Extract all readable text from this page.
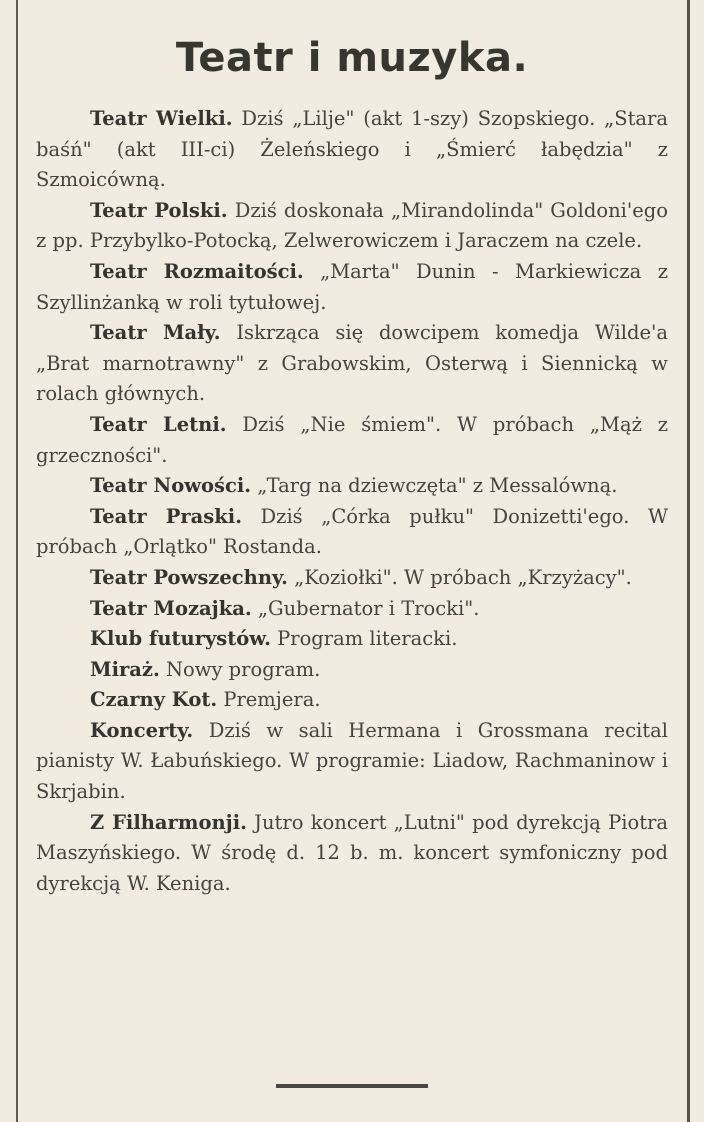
Teatr i muzyka.

Teatr Wielki. Dziś „Lilje" (akt 1-szy) Szopskiego. „Stara baśń" (akt III-ci) Żeleńskiego i „Śmierć łabędzia" z Szmoicówną.

Teatr Polski. Dziś doskonała „Mirandolinda" Goldoni'ego z pp. Przybylko-Potocką, Zelwerowiczem i Jaraczem na czele.

Teatr Rozmaitości. „Marta" Dunin - Markiewicza z Szyllinżanką w roli tytułowej.

Teatr Mały. Iskrząca się dowcipem komedja Wilde'a „Brat marnotrawny" z Grabowskim, Osterwą i Siennicką w rolach głównych.

Teatr Letni. Dziś „Nie śmiem". W próbach „Mąż z grzeczności".

Teatr Nowości. „Targ na dziewczęta" z Messalówną.

Teatr Praski. Dziś „Córka pułku" Donizetti'ego. W próbach „Orlątko" Rostanda.

Teatr Powszechny. „Koziołki". W próbach „Krzyżacy".

Teatr Mozajka. „Gubernator i Trocki".

Klub futurystów. Program literacki.

Miraż. Nowy program.

Czarny Kot. Premjera.

Koncerty. Dziś w sali Hermana i Grossmana recital pianisty W. Łabuńskiego. W programie: Liadow, Rachmaninow i Skrjabin.

Z Filharmonji. Jutro koncert „Lutni" pod dyrekcją Piotra Maszyńskiego. W środę d. 12 b. m. koncert symfoniczny pod dyrekcją W. Keniga.
